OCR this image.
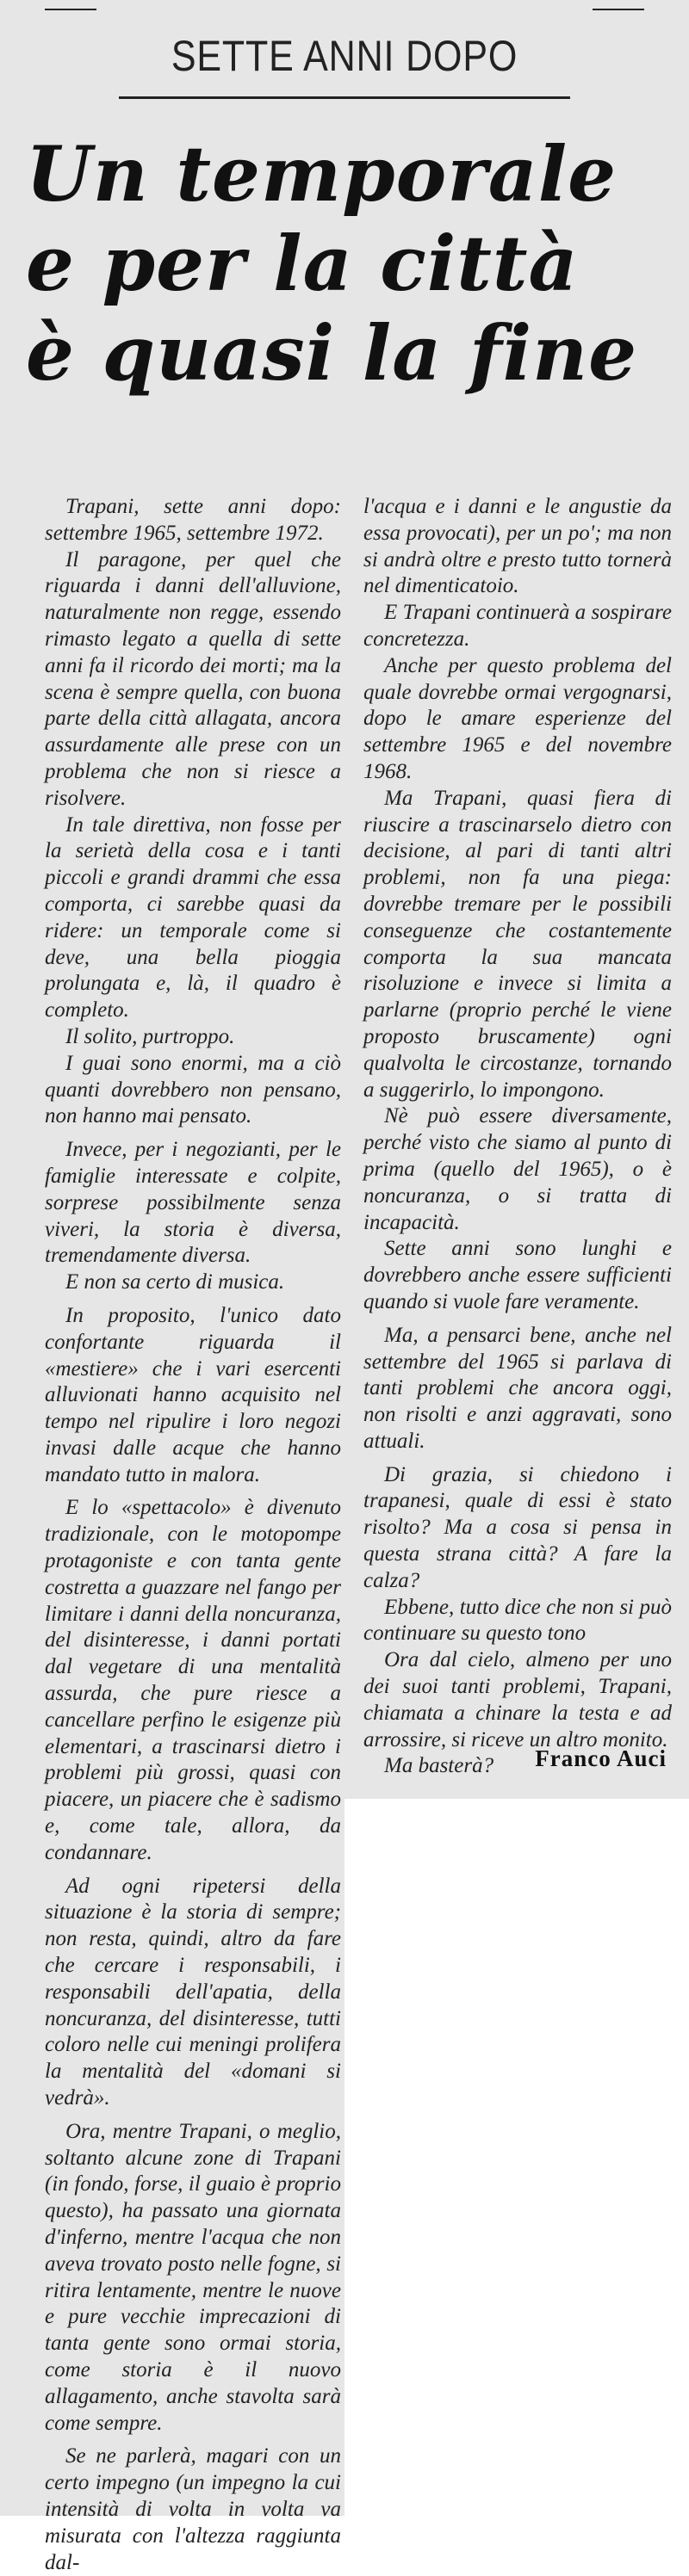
SETTE ANNI DOPO
Un temporale
e per la città
è quasi la fine

Trapani, sette anni dopo: settembre 1965, settembre 1972.

Il paragone, per quel che riguarda i danni dell'alluvione, naturalmente non regge, essendo rimasto legato a quella di sette anni fa il ricordo dei morti; ma la scena è sempre quella, con buona parte della città allagata, ancora assurdamente alle prese con un problema che non si riesce a risolvere.

In tale direttiva, non fosse per la serietà della cosa e i tanti piccoli e grandi drammi che essa comporta, ci sarebbe quasi da ridere: un temporale come si deve, una bella pioggia prolungata e, là, il quadro è completo.

Il solito, purtroppo.

I guai sono enormi, ma a ciò quanti dovrebbero non pensano, non hanno mai pensato.

Invece, per i negozianti, per le famiglie interessate e colpite, sorprese possibilmente senza viveri, la storia è diversa, tremendamente diversa.

E non sa certo di musica.

In proposito, l'unico dato confortante riguarda il «mestiere» che i vari esercenti alluvionati hanno acquisito nel tempo nel ripulire i loro negozi invasi dalle acque che hanno mandato tutto in malora.

E lo «spettacolo» è divenuto tradizionale, con le motopompe protagoniste e con tanta gente costretta a guazzare nel fango per limitare i danni della noncuranza, del disinteresse, i danni portati dal vegetare di una mentalità assurda, che pure riesce a cancellare perfino le esigenze più elementari, a trascinarsi dietro i problemi più grossi, quasi con piacere, un piacere che è sadismo e, come tale, allora, da condannare.

Ad ogni ripetersi della situazione è la storia di sempre; non resta, quindi, altro da fare che cercare i responsabili, i responsabili dell'apatia, della noncuranza, del disinteresse, tutti coloro nelle cui meningi prolifera la mentalità del «domani si vedrà».

Ora, mentre Trapani, o meglio, soltanto alcune zone di Trapani (in fondo, forse, il guaio è proprio questo), ha passato una giornata d'inferno, mentre l'acqua che non aveva trovato posto nelle fogne, si ritira lentamente, mentre le nuove e pure vecchie imprecazioni di tanta gente sono ormai storia, come storia è il nuovo allagamento, anche stavolta sarà come sempre.

Se ne parlerà, magari con un certo impegno (un impegno la cui intensità di volta in volta va misurata con l'altezza raggiunta dal-

l'acqua e i danni e le angustie da essa provocati), per un po'; ma non si andrà oltre e presto tutto tornerà nel dimenticatoio.

E Trapani continuerà a sospirare concretezza.

Anche per questo problema del quale dovrebbe ormai vergognarsi, dopo le amare esperienze del settembre 1965 e del novembre 1968.

Ma Trapani, quasi fiera di riuscire a trascinarselo dietro con decisione, al pari di tanti altri problemi, non fa una piega: dovrebbe tremare per le possibili conseguenze che costantemente comporta la sua mancata risoluzione e invece si limita a parlarne (proprio perché le viene proposto bruscamente) ogni qualvolta le circostanze, tornando a suggerirlo, lo impongono.

Nè può essere diversamente, perché visto che siamo al punto di prima (quello del 1965), o è noncuranza, o si tratta di incapacità.

Sette anni sono lunghi e dovrebbero anche essere sufficienti quando si vuole fare veramente.

Ma, a pensarci bene, anche nel settembre del 1965 si parlava di tanti problemi che ancora oggi, non risolti e anzi aggravati, sono attuali.

Di grazia, si chiedono i trapanesi, quale di essi è stato risolto? Ma a cosa si pensa in questa strana città? A fare la calza?

Ebbene, tutto dice che non si può continuare su questo tono

Ora dal cielo, almeno per uno dei suoi tanti problemi, Trapani, chiamata a chinare la testa e ad arrossire, si riceve un altro monito.

Ma basterà?	Franco Auci
